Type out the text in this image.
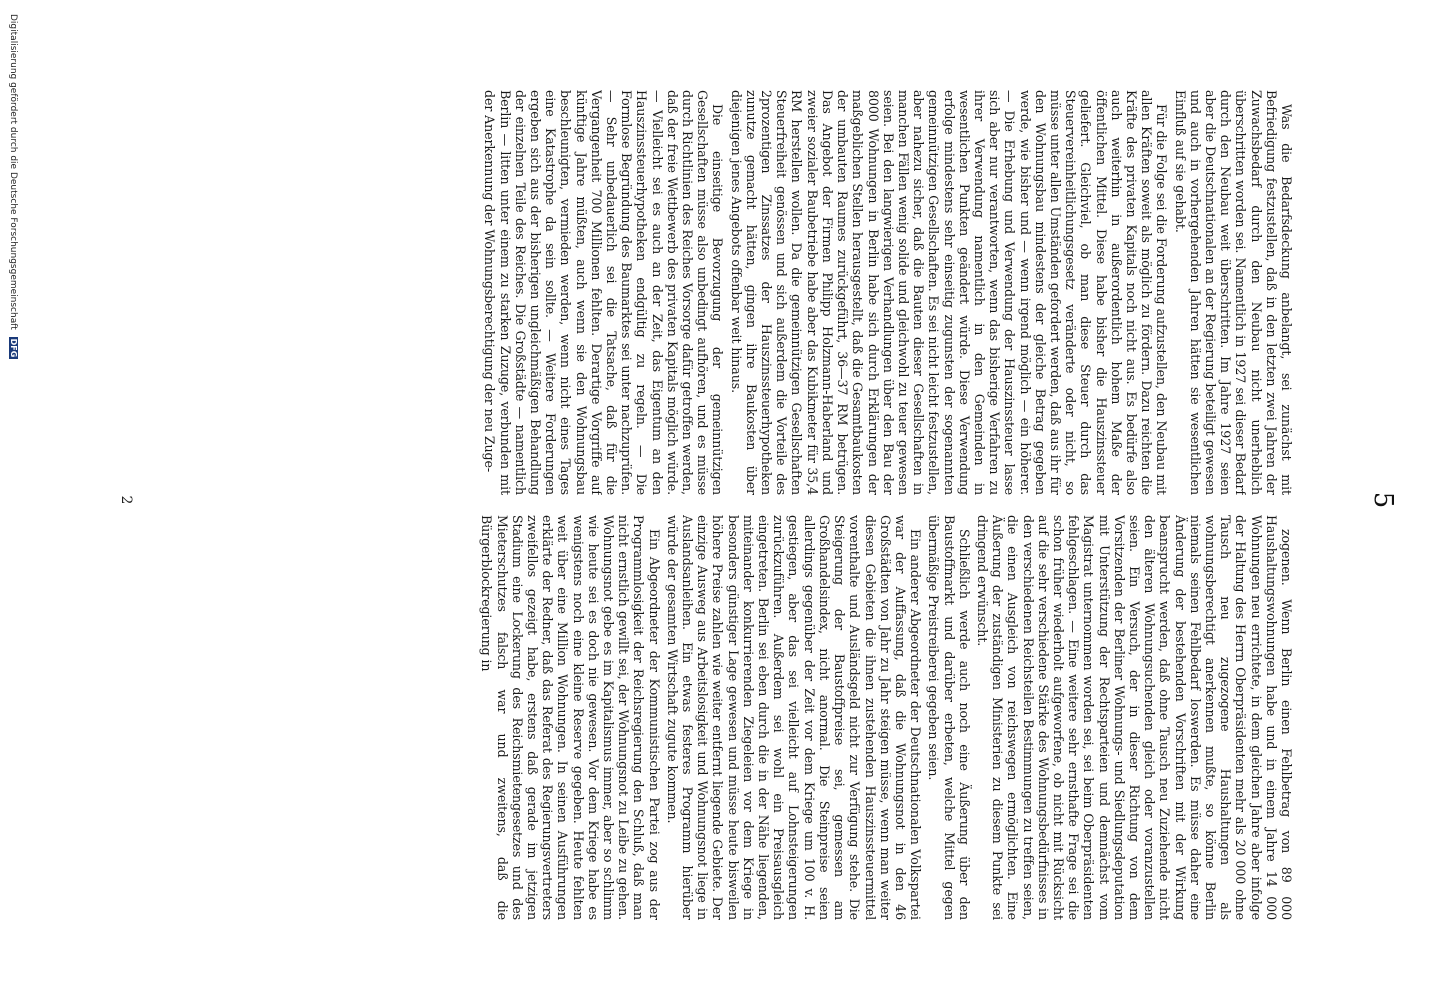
5

Was die Bedarfsdeckung anbelangt, sei zunächst mit Befriedigung festzustellen, daß in den letzten zwei Jahren der Zuwachsbedarf durch den Neubau nicht unerheblich überschritten worden sei. Namentlich in 1927 sei dieser Bedarf durch den Neubau weit überschritten. Im Jahre 1927 seien aber die Deutschnationalen an der Regierung beteiligt gewesen und auch in vorhergehenden Jahren hätten sie wesentlichen Einfluß auf sie gehabt.

Für die Folge sei die Forderung aufzustellen, den Neubau mit allen Kräften soweit als möglich zu fördern. Dazu reichten die Kräfte des privaten Kapitals noch nicht aus. Es bedürfe also auch weiterhin in außerordentlich hohem Maße der öffentlichen Mittel. Diese habe bisher die Hauszinssteuer geliefert. Gleichviel, ob man diese Steuer durch das Steuervereinheitlichungsgesetz veränderte oder nicht, so müsse unter allen Umständen gefordert werden, daß aus ihr für den Wohnungsbau mindestens der gleiche Betrag gegeben werde, wie bisher und — wenn irgend möglich — ein höherer. — Die Erhebung und Verwendung der Hauszinssteuer lasse sich aber nur verantworten, wenn das bisherige Verfahren zu ihrer Verwendung namentlich in den Gemeinden in wesentlichen Punkten geändert würde. Diese Verwendung erfolge mindestens sehr einseitig zugunsten der sogenannten gemeinnützigen Gesellschaften. Es sei nicht leicht festzustellen, aber nahezu sicher, daß die Bauten dieser Gesellschaften in manchen Fällen wenig solide und gleichwohl zu teuer gewesen seien. Bei den langwierigen Verhandlungen über den Bau der 8000 Wohnungen in Berlin habe sich durch Erklärungen der maßgeblichen Stellen herausgestellt, daß die Gesamtbaukosten der umbauten Raumes zurückgeführt, 36—37 RM betrügen. Das Angebot der Firmen Philipp Holzmann-Haberland und zweier sozialer Baubetriebe habe aber das Kubikmeter für 35,4 RM herstellen wollen. Da die gemeinnützigen Gesellschaften Steuerfreiheit genössen und sich außerdem die Vorteile des 2prozentigen Zinssatzes der Hauszinssteuerhypotheken zunutze gemacht hätten, gingen ihre Baukosten über diejenigen jenes Angebots offenbar weit hinaus.

Die einseitige Bevorzugung der gemeinnützigen Gesellschaften müsse also unbedingt aufhören, und es müsse durch Richtlinien des Reiches Vorsorge dafür getroffen werden, daß der freie Wettbewerb des privaten Kapitals möglich würde. — Vielleicht sei es auch an der Zeit, das Eigentum an den Hauszinssteuerhypotheken endgültig zu regeln. — Die Formlose Begründung des Baumarktes sei unter nachzuprüfen. — Sehr unbedauerlich sei die Tatsache, daß für die Vergangenheit 700 Millionen fehlten. Derartige Vorgriffe auf künftige Jahre müßten, auch wenn sie den Wohnungsbau beschleunigten, vermieden werden, wenn nicht eines Tages eine Katastrophe da sein sollte. — Weitere Forderungen ergeben sich aus der bisherigen ungleichmäßigen Behandlung der einzelnen Teile des Reiches. Die Großstädte — namentlich Berlin — litten unter einem zu starken Zuzuge, verbunden mit der Anerkennung der Wohnungsberechtigung der neu Zuge-

zogenen. Wenn Berlin einen Fehlbetrag von 89 000 Haushaltungswohnungen habe und in einem Jahre 14 000 Wohnungen neu errichtete, in dem gleichen Jahre aber infolge der Haltung des Herrn Oberpräsidenten mehr als 20 000 ohne Tausch neu zugezogene Haushaltungen als wohnungsberechtigt anerkennen mußte, so könne Berlin niemals seinen Fehlbedarf loswerden. Es müsse daher eine Änderung der bestehenden Vorschriften mit der Wirkung beansprucht werden, daß ohne Tausch neu Zuziehende nicht den älteren Wohnungsuchenden gleich oder voranzustellen seien. Ein Versuch, der in dieser Richtung von dem Vorsitzenden der Berliner Wohnungs- und Siedlungsdeputation mit Unterstützung der Rechtsparteien und demnächst vom Magistrat unternommen worden sei, sei beim Oberpräsidenten fehlgeschlagen. — Eine weitere sehr ernsthafte Frage sei die schon früher wiederholt aufgeworfene, ob nicht mit Rücksicht auf die sehr verschiedene Stärke des Wohnungsbedürfnisses in den verschiedenen Reichsteilen Bestimmungen zu treffen seien, die einen Ausgleich von reichswegen ermöglichten. Eine Äußerung der zuständigen Ministerien zu diesem Punkte sei dringend erwünscht.

Schließlich werde auch noch eine Äußerung über den Baustoffmarkt und darüber erbeten, welche Mittel gegen übermäßige Preistreiberei gegeben seien.

Ein anderer Abgeordneter der Deutschnationalen Volkspartei war der Auffassung, daß die Wohnungsnot in den 46 Großstädten von Jahr zu Jahr steigen müsse, wenn man weiter diesen Gebieten die ihnen zustehenden Hauszinssteuermittel vorenthalte und Ausländsgeld nicht zur Verfügung stehe. Die Steigerung der Baustoffpreise sei, gemessen am Großhandelsindex, nicht anormal. Die Steinpreise seien allerdings gegenüber der Zeit vor dem Kriege um 100 v. H. gestiegen, aber das sei vielleicht auf Lohnsteigerungen zurückzuführen. Außerdem sei wohl ein Preisausgleich eingetreten. Berlin sei eben durch die in der Nähe liegenden, miteinander konkurrierenden Ziegeleien vor dem Kriege in besonders günstiger Lage gewesen und müsse heute bisweilen höhere Preise zahlen wie weiter entfernt liegende Gebiete. Der einzige Ausweg aus Arbeitslosigkeit und Wohnungsnot liege in Auslandsanleihen. Ein etwas festeres Programm hierüber würde der gesamten Wirtschaft zugute kommen.

Ein Abgeordneter der Kommunistischen Partei zog aus der Programmlosigkeit der Reichsregierung den Schluß, daß man nicht ernstlich gewillt sei, der Wohnungsnot zu Leibe zu gehen. Wohnungsnot gebe es im Kapitalismus immer, aber so schlimm wie heute sei es doch nie gewesen. Vor dem Kriege habe es wenigstens noch eine kleine Reserve gegeben. Heute fehlten weit über eine Million Wohnungen. In seinen Ausführungen erklärte der Redner, daß das Referat des Regierungsvertreters zweifellos gezeigt habe, erstens daß gerade im jetzigen Stadium eine Lockerung des Reichsmietengesetzes und des Mieterschutzes falsch war und zweitens, daß die Bürgerblockregierung in

2
Digitalisierung gefördert durch die Deutsche Forschungsgemeinschaft DFG
